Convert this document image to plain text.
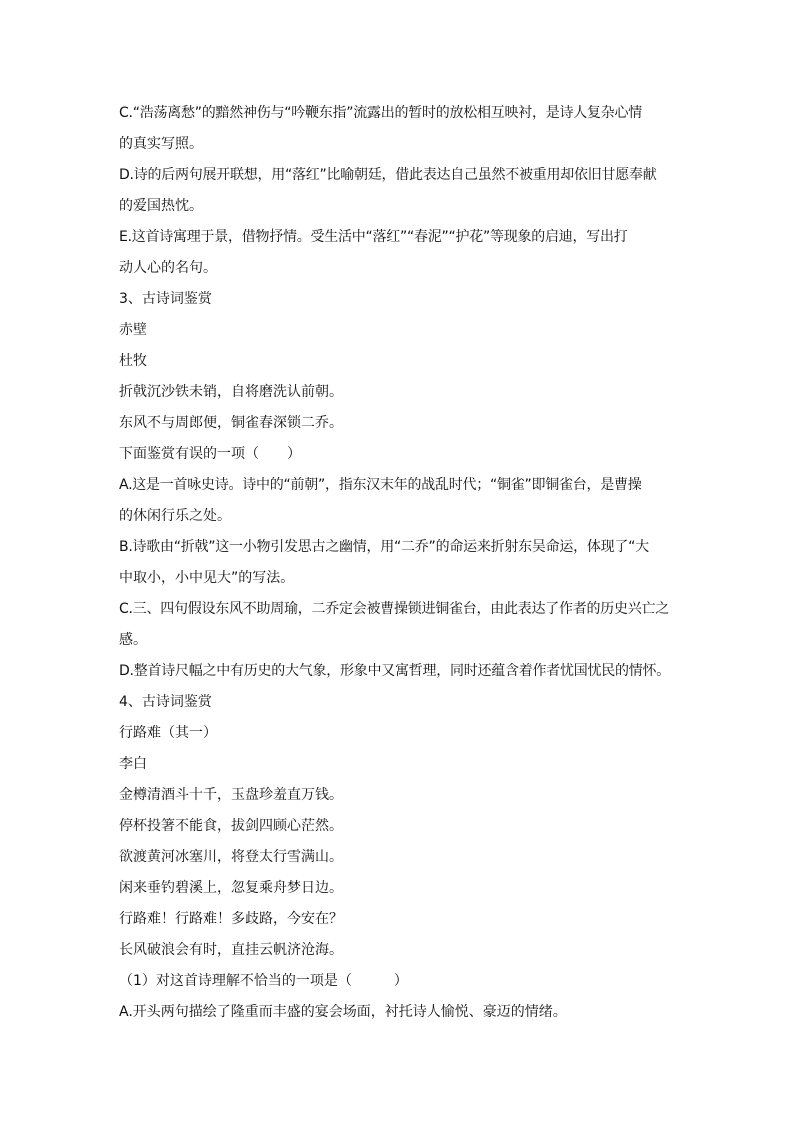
C.“浩荡离愁”的黯然神伤与“吟鞭东指”流露出的暂时的放松相互映衬，是诗人复杂心情
的真实写照。
D.诗的后两句展开联想，用“落红”比喻朝廷，借此表达自己虽然不被重用却依旧甘愿奉献
的爱国热忱。
E.这首诗寓理于景，借物抒情。受生活中“落红”“春泥”“护花”等现象的启迪，写出打
动人心的名句。
3、古诗词鉴赏
赤壁
杜牧
折戟沉沙铁未销，自将磨洗认前朝。
东风不与周郎便，铜雀春深锁二乔。
下面鉴赏有误的一项（　　）
A.这是一首咏史诗。诗中的“前朝”，指东汉末年的战乱时代；“铜雀”即铜雀台，是曹操
的休闲行乐之处。
B.诗歌由“折戟”这一小物引发思古之幽情，用“二乔”的命运来折射东吴命运，体现了“大
中取小，小中见大”的写法。
C.三、四句假设东风不助周瑜，二乔定会被曹操锁进铜雀台，由此表达了作者的历史兴亡之
感。
D.整首诗尺幅之中有历史的大气象，形象中又寓哲理，同时还蕴含着作者忧国忧民的情怀。
4、古诗词鉴赏
行路难（其一）
李白
金樽清酒斗十千，玉盘珍羞直万钱。
停杯投箸不能食，拔剑四顾心茫然。
欲渡黄河冰塞川，将登太行雪满山。
闲来垂钓碧溪上，忽复乘舟梦日边。
行路难！行路难！多歧路，今安在？
长风破浪会有时，直挂云帆济沧海。
（1）对这首诗理解不恰当的一项是（　　　）
A.开头两句描绘了隆重而丰盛的宴会场面，衬托诗人愉悦、豪迈的情绪。
